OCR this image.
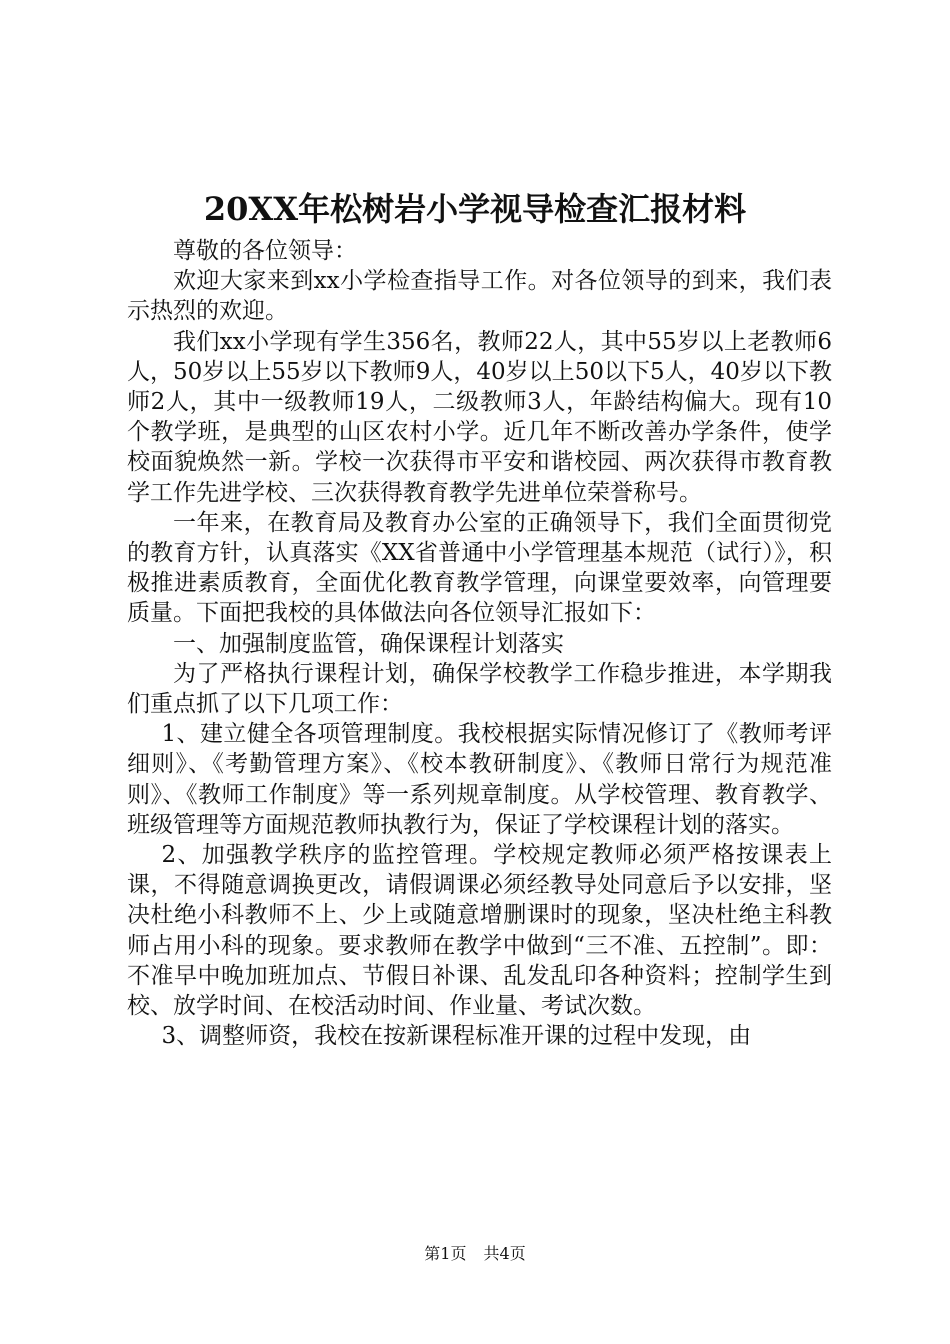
20XX年松树岩小学视导检查汇报材料

尊敬的各位领导：

欢迎大家来到xx小学检查指导工作。对各位领导的到来，我们表示热烈的欢迎。

我们xx小学现有学生356名，教师22人，其中55岁以上老教师6人，50岁以上55岁以下教师9人，40岁以上50以下5人，40岁以下教师2人，其中一级教师19人，二级教师3人，年龄结构偏大。现有10个教学班，是典型的山区农村小学。近几年不断改善办学条件，使学校面貌焕然一新。学校一次获得市平安和谐校园、两次获得市教育教学工作先进学校、三次获得教育教学先进单位荣誉称号。

一年来，在教育局及教育办公室的正确领导下，我们全面贯彻党的教育方针，认真落实《XX省普通中小学管理基本规范（试行）》，积极推进素质教育，全面优化教育教学管理，向课堂要效率，向管理要质量。下面把我校的具体做法向各位领导汇报如下：

一、加强制度监管，确保课程计划落实

为了严格执行课程计划，确保学校教学工作稳步推进，本学期我们重点抓了以下几项工作：

1、建立健全各项管理制度。我校根据实际情况修订了《教师考评细则》、《考勤管理方案》、《校本教研制度》、《教师日常行为规范准则》、《教师工作制度》等一系列规章制度。从学校管理、教育教学、班级管理等方面规范教师执教行为，保证了学校课程计划的落实。

2、加强教学秩序的监控管理。学校规定教师必须严格按课表上课，不得随意调换更改，请假调课必须经教导处同意后予以安排，坚决杜绝小科教师不上、少上或随意增删课时的现象，坚决杜绝主科教师占用小科的现象。要求教师在教学中做到“三不准、五控制”。即：不准早中晚加班加点、节假日补课、乱发乱印各种资料；控制学生到校、放学时间、在校活动时间、作业量、考试次数。

3、调整师资，我校在按新课程标准开课的过程中发现，由

第1页 共4页
